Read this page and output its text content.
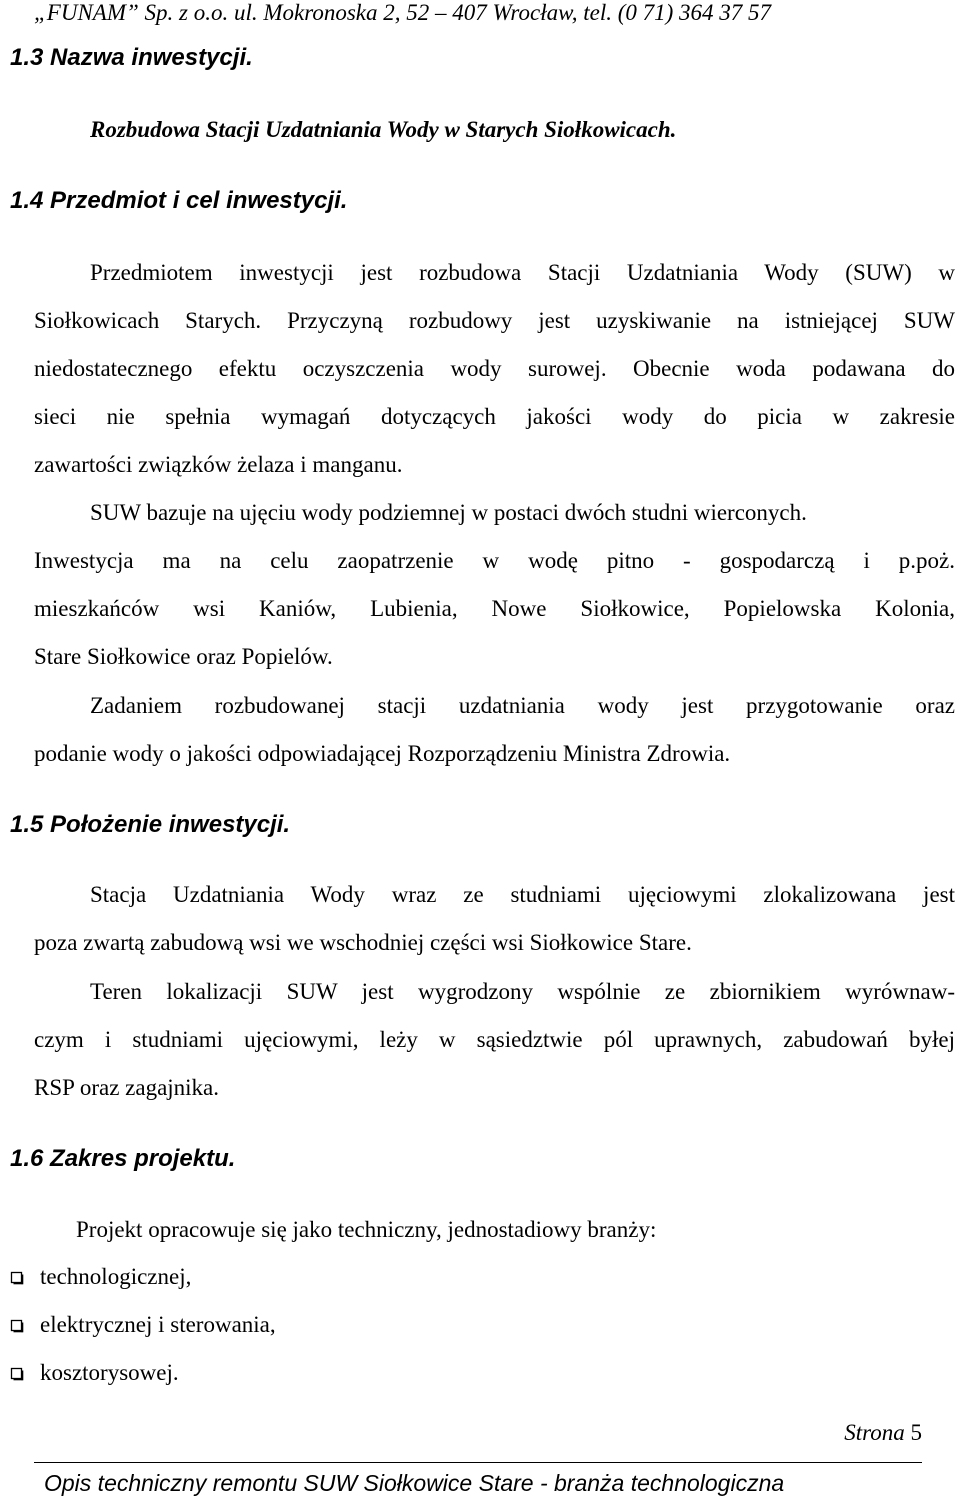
„FUNAM” Sp. z o.o. ul. Mokronoska 2, 52 – 407 Wrocław, tel. (0 71) 364 37 57
1.3 Nazwa inwestycji.
Rozbudowa Stacji Uzdatniania Wody w Starych Siołkowicach.
1.4 Przedmiot i cel inwestycji.
Przedmiotem inwestycji jest rozbudowa Stacji Uzdatniania Wody (SUW) w
Siołkowicach Starych. Przyczyną rozbudowy jest uzyskiwanie na istniejącej SUW
niedostatecznego efektu oczyszczenia wody surowej. Obecnie woda podawana do
sieci nie spełnia wymagań dotyczących jakości wody do picia w zakresie
zawartości związków żelaza i manganu.
SUW bazuje na ujęciu wody podziemnej w postaci dwóch studni wierconych.
Inwestycja ma na celu zaopatrzenie w wodę pitno - gospodarczą i p.poż.
mieszkańców wsi Kaniów, Lubienia, Nowe Siołkowice, Popielowska Kolonia,
Stare Siołkowice oraz Popielów.
Zadaniem rozbudowanej stacji uzdatniania wody jest przygotowanie oraz
podanie wody o jakości odpowiadającej Rozporządzeniu Ministra Zdrowia.
1.5 Położenie inwestycji.
Stacja Uzdatniania Wody wraz ze studniami ujęciowymi zlokalizowana jest
poza zwartą zabudową wsi we wschodniej części wsi Siołkowice Stare.
Teren lokalizacji SUW jest wygrodzony wspólnie ze zbiornikiem wyrównaw-
czym i studniami ujęciowymi, leży w sąsiedztwie pól uprawnych, zabudowań byłej
RSP oraz zagajnika.
1.6 Zakres projektu.
Projekt opracowuje się jako techniczny, jednostadiowy branży:
technologicznej,
elektrycznej i sterowania,
kosztorysowej.
Strona 5
Opis techniczny remontu SUW Siołkowice Stare - branża technologiczna
